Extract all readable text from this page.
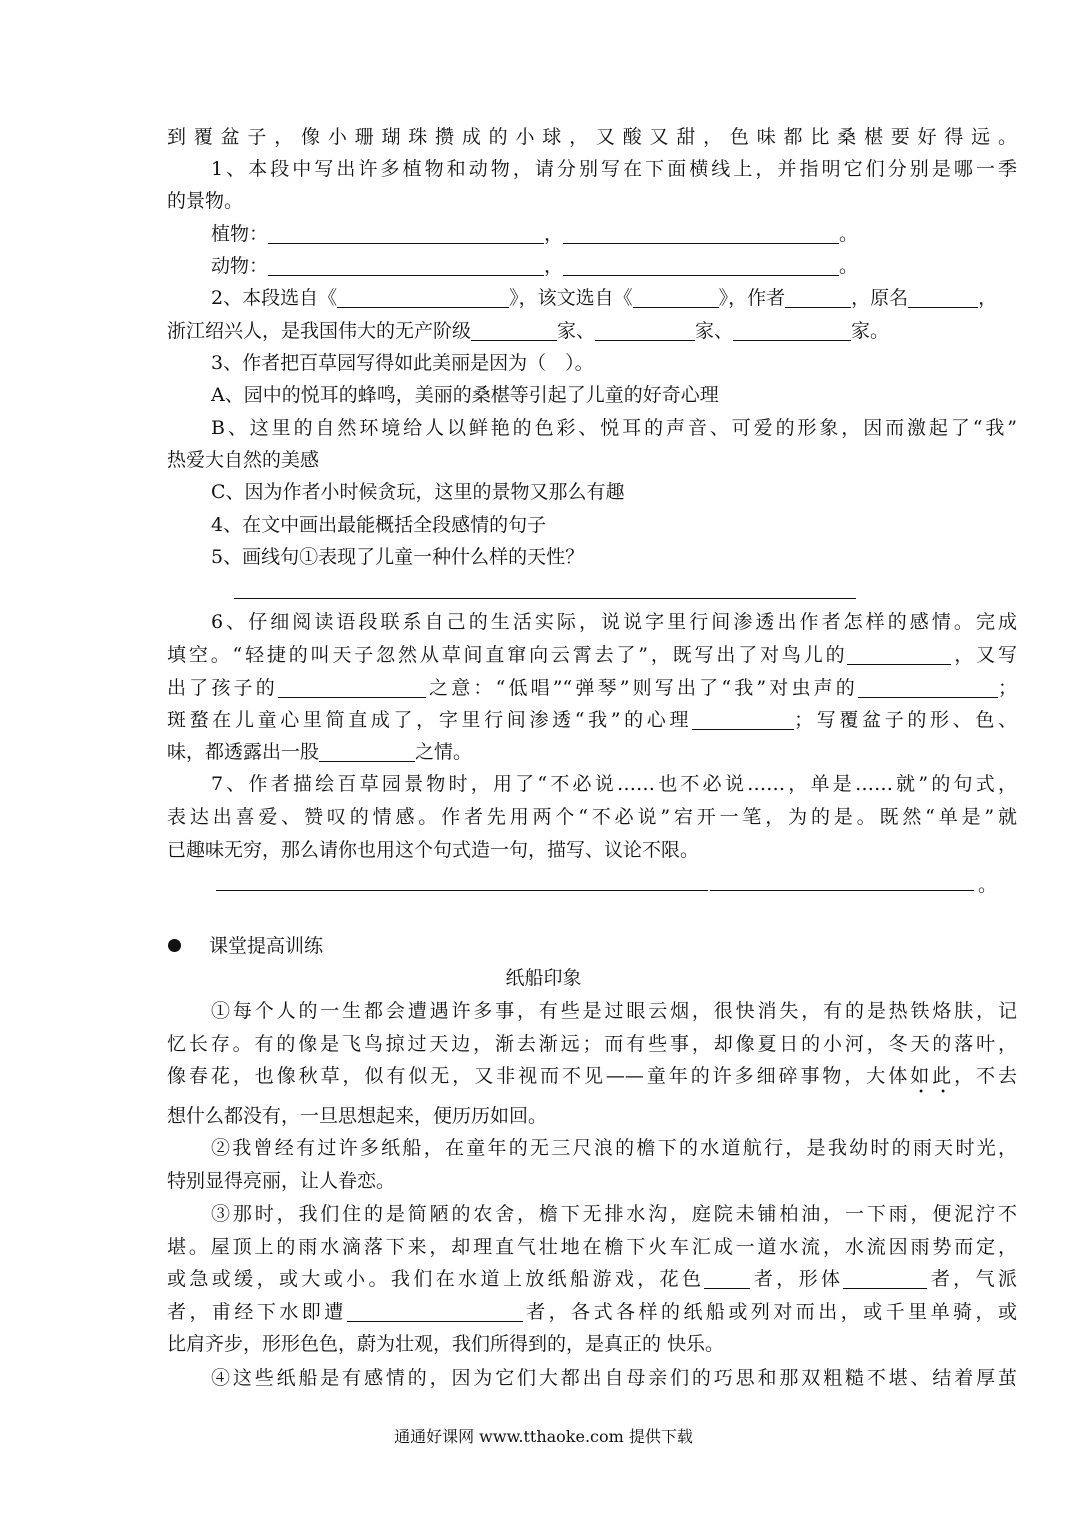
到覆盆子，像小珊瑚珠攒成的小球，又酸又甜，色味都比桑椹要好得远。
1、本段中写出许多植物和动物，请分别写在下面横线上，并指明它们分别是哪一季
的景物。
植物：	，	。
动物：	，	。
2、本段选自《	》，该文选自《	》，作者	，原名	，
浙江绍兴人，是我国伟大的无产阶级	家、	家、	家。
3、作者把百草园写得如此美丽是因为（　）。
A、园中的悦耳的蜂鸣，美丽的桑椹等引起了儿童的好奇心理
B、这里的自然环境给人以鲜艳的色彩、悦耳的声音、可爱的形象，因而激起了“我”
热爱大自然的美感
C、因为作者小时候贪玩，这里的景物又那么有趣
4、在文中画出最能概括全段感情的句子
5、画线句①表现了儿童一种什么样的天性？
6、仔细阅读语段联系自己的生活实际，说说字里行间渗透出作者怎样的感情。完成
填空。“轻捷的叫天子忽然从草间直窜向云霄去了”，既写出了对鸟儿的	，又写
出了孩子的	之意：“低唱”“弹琴”则写出了“我”对虫声的	；
斑蝥在儿童心里简直成了，字里行间渗透“我”的心理	；写覆盆子的形、色、
味，都透露出一股	之情。
7、作者描绘百草园景物时，用了“不必说……也不必说……，单是……就”的句式，
表达出喜爱、赞叹的情感。作者先用两个“不必说”宕开一笔，为的是。既然“单是”就
已趣味无穷，那么请你也用这个句式造一句，描写、议论不限。
。
课堂提高训练
纸船印象
①每个人的一生都会遭遇许多事，有些是过眼云烟，很快消失，有的是热铁烙肤，记
忆长存。有的像是飞鸟掠过天边，渐去渐远；而有些事，却像夏日的小河，冬天的落叶，
像春花，也像秋草，似有似无，又非视而不见——童年的许多细碎事物，大体如此，不去
想什么都没有，一旦思想起来，便历历如回。
②我曾经有过许多纸船，在童年的无三尺浪的檐下的水道航行，是我幼时的雨天时光，
特别显得亮丽，让人眷恋。
③那时，我们住的是简陋的农舍，檐下无排水沟，庭院未铺柏油，一下雨，便泥泞不
堪。屋顶上的雨水滴落下来，却理直气壮地在檐下火车汇成一道水流，水流因雨势而定，
或急或缓，或大或小。我们在水道上放纸船游戏，花色 者，形体	者，气派
者，甫经下水即遭	者，各式各样的纸船或列对而出，或千里单骑，或
比肩齐步，形形色色，蔚为壮观，我们所得到的，是真正的 快乐。
④这些纸船是有感情的，因为它们大都出自母亲们的巧思和那双粗糙不堪、结着厚茧
通通好课网 www.tthaoke.com 提供下载
